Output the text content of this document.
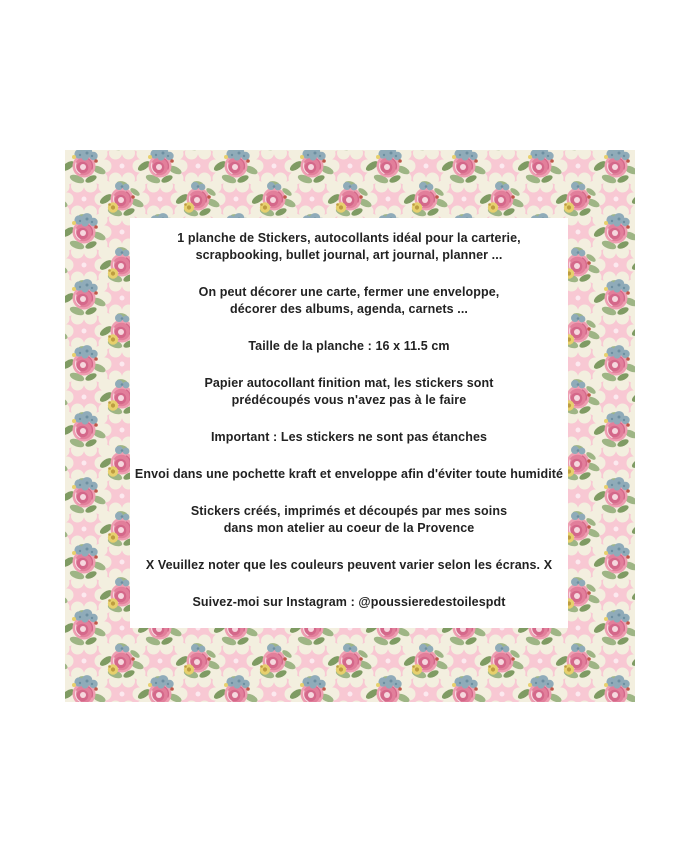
1 planche de Stickers, autocollants idéal pour la carterie,
scrapbooking, bullet journal, art journal, planner ...

On peut décorer une carte, fermer une enveloppe,
décorer des albums, agenda, carnets ...

Taille de la planche : 16 x 11.5 cm

Papier autocollant finition mat, les stickers sont
prédécoupés vous n'avez pas à le faire

Important : Les stickers ne sont pas étanches

Envoi dans une pochette kraft et enveloppe afin d'éviter toute humidité

Stickers créés, imprimés et découpés par mes soins
dans mon atelier au coeur de la Provence

X Veuillez noter que les couleurs peuvent varier selon les écrans. X

Suivez-moi sur Instagram : @poussieredestoilespdt
